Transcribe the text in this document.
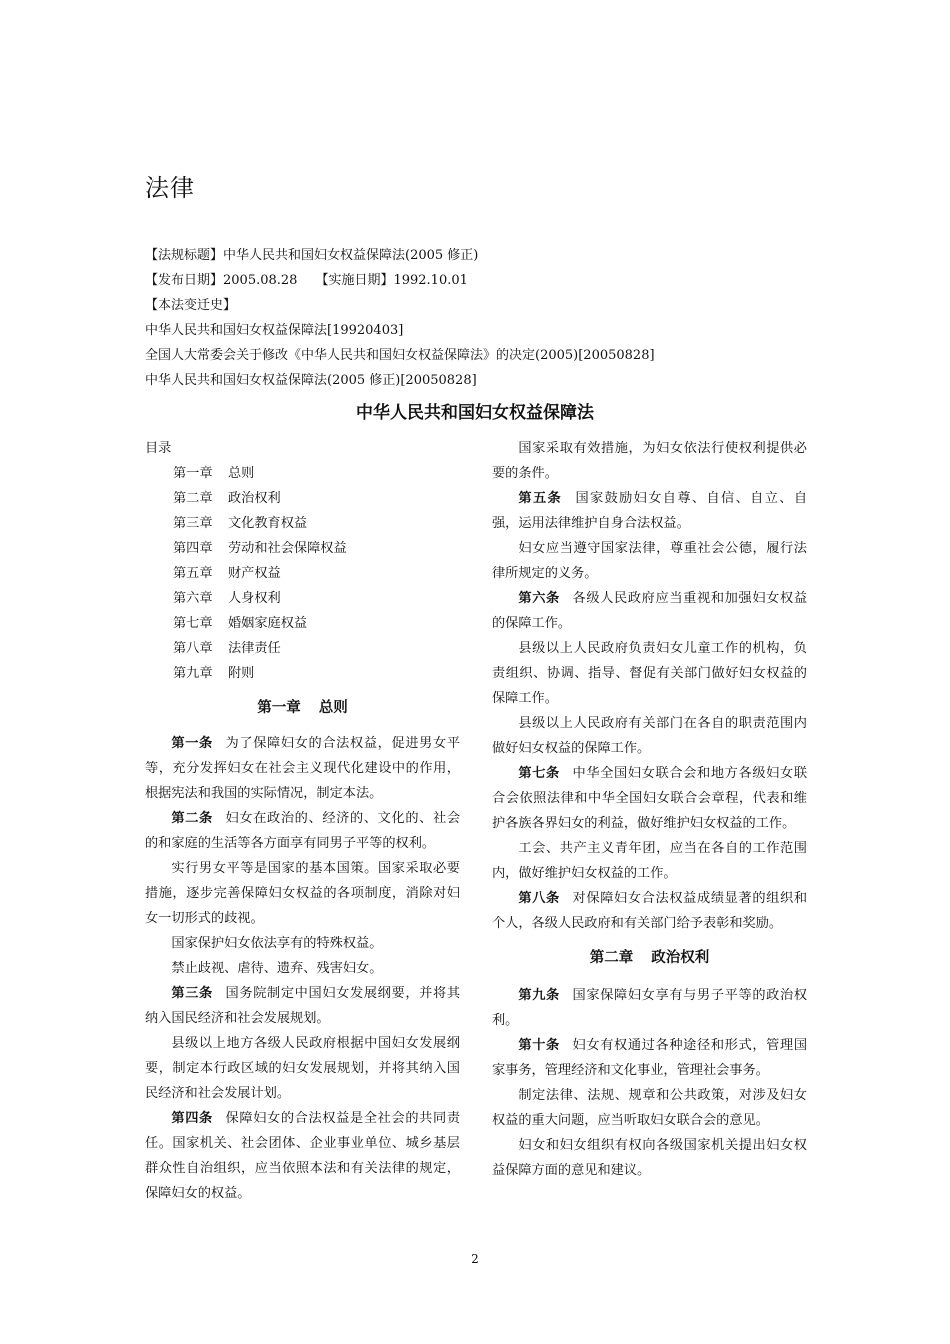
法律
【法规标题】中华人民共和国妇女权益保障法(2005 修正)
【发布日期】2005.08.28 【实施日期】1992.10.01
【本法变迁史】
中华人民共和国妇女权益保障法[19920403]
全国人大常委会关于修改《中华人民共和国妇女权益保障法》的决定(2005)[20050828]
中华人民共和国妇女权益保障法(2005 修正)[20050828]
中华人民共和国妇女权益保障法

目录

第一章 总则

第二章 政治权利

第三章 文化教育权益

第四章 劳动和社会保障权益

第五章 财产权益

第六章 人身权利

第七章 婚姻家庭权益

第八章 法律责任

第九章 附则

第一章 总则

第一条 为了保障妇女的合法权益，促进男女平等，充分发挥妇女在社会主义现代化建设中的作用，根据宪法和我国的实际情况，制定本法。

第二条 妇女在政治的、经济的、文化的、社会的和家庭的生活等各方面享有同男子平等的权利。

实行男女平等是国家的基本国策。国家采取必要措施，逐步完善保障妇女权益的各项制度，消除对妇女一切形式的歧视。

国家保护妇女依法享有的特殊权益。

禁止歧视、虐待、遗弃、残害妇女。

第三条 国务院制定中国妇女发展纲要，并将其纳入国民经济和社会发展规划。

县级以上地方各级人民政府根据中国妇女发展纲要，制定本行政区域的妇女发展规划，并将其纳入国民经济和社会发展计划。

第四条 保障妇女的合法权益是全社会的共同责任。国家机关、社会团体、企业事业单位、城乡基层群众性自治组织，应当依照本法和有关法律的规定，保障妇女的权益。

国家采取有效措施，为妇女依法行使权利提供必要的条件。

第五条 国家鼓励妇女自尊、自信、自立、自强，运用法律维护自身合法权益。

妇女应当遵守国家法律，尊重社会公德，履行法律所规定的义务。

第六条 各级人民政府应当重视和加强妇女权益的保障工作。

县级以上人民政府负责妇女儿童工作的机构，负责组织、协调、指导、督促有关部门做好妇女权益的保障工作。

县级以上人民政府有关部门在各自的职责范围内做好妇女权益的保障工作。

第七条 中华全国妇女联合会和地方各级妇女联合会依照法律和中华全国妇女联合会章程，代表和维护各族各界妇女的利益，做好维护妇女权益的工作。

工会、共产主义青年团，应当在各自的工作范围内，做好维护妇女权益的工作。

第八条 对保障妇女合法权益成绩显著的组织和个人，各级人民政府和有关部门给予表彰和奖励。

第二章 政治权利

第九条 国家保障妇女享有与男子平等的政治权利。

第十条 妇女有权通过各种途径和形式，管理国家事务，管理经济和文化事业，管理社会事务。

制定法律、法规、规章和公共政策，对涉及妇女权益的重大问题，应当听取妇女联合会的意见。

妇女和妇女组织有权向各级国家机关提出妇女权益保障方面的意见和建议。

2
